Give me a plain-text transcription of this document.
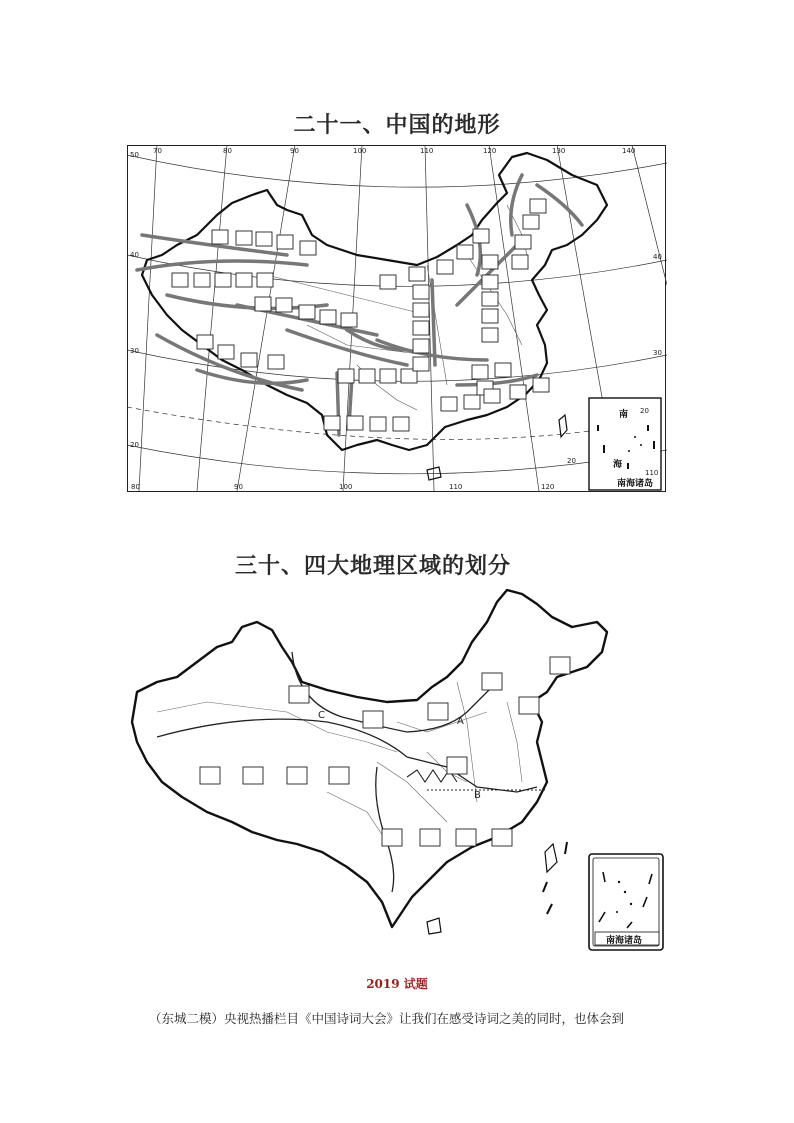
二十一、中国的地形
70	80	90	100	110	120	130	140
80	90	100	110	120
50
40
30
20
40
30
20
南
海
20
110
南海诸岛
三十、四大地理区域的划分
A
B
C
南海诸岛
2019 试题
（东城二模）央视热播栏目《中国诗词大会》让我们在感受诗词之美的同时，也体会到
